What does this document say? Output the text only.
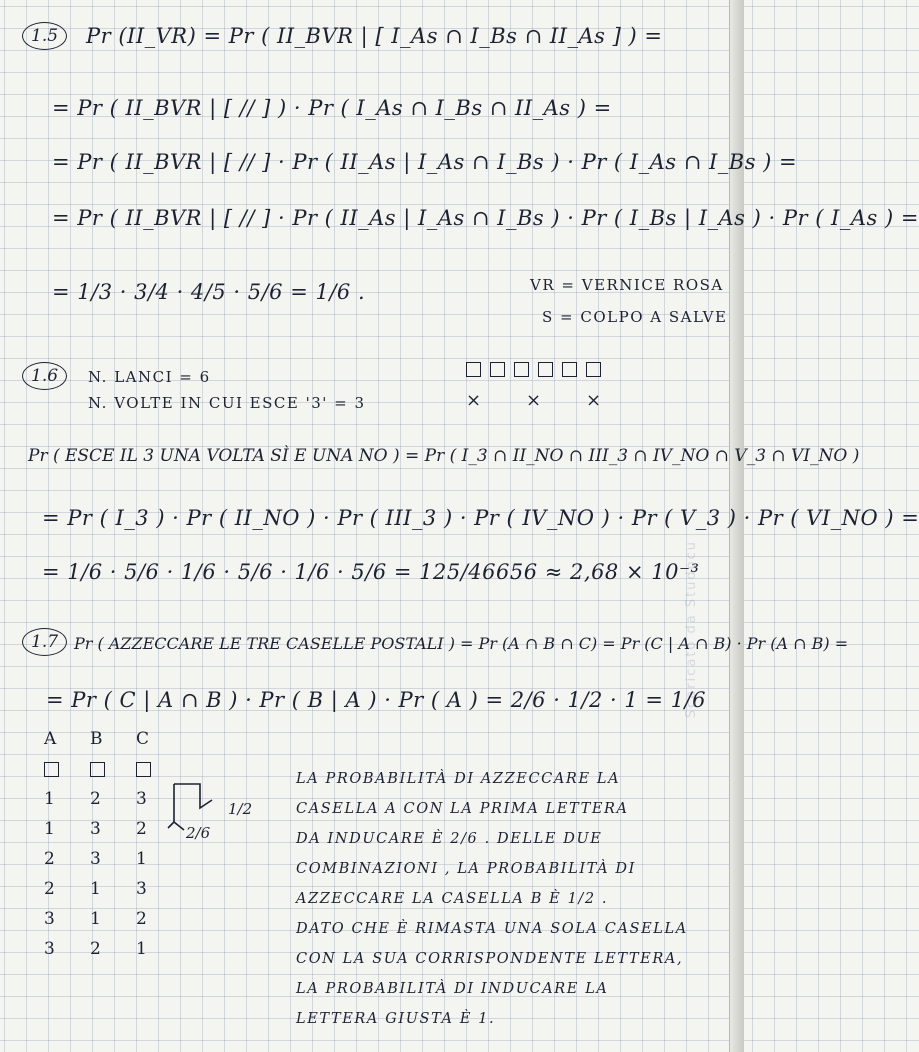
1.5	Pr (II_VR) = Pr ( II_BVR | [ I_As ∩ I_Bs ∩ II_As ] ) =
= Pr ( II_BVR | [ // ] ) · Pr ( I_As ∩ I_Bs ∩ II_As ) =
= Pr ( II_BVR | [ // ] · Pr ( II_As | I_As ∩ I_Bs ) · Pr ( I_As ∩ I_Bs ) =
= Pr ( II_BVR | [ // ] · Pr ( II_As | I_As ∩ I_Bs ) · Pr ( I_Bs | I_As ) · Pr ( I_As ) =
= 1/3 · 3/4 · 4/5 · 5/6 = 1/6 .	VR = VERNICE ROSA
S = COLPO A SALVE
1.6	N. LANCI = 6
N. VOLTE IN CUI ESCE '3' = 3	× × ×
Pr ( ESCE IL 3 UNA VOLTA SÌ E UNA NO ) = Pr ( I_3 ∩ II_NO ∩ III_3 ∩ IV_NO ∩ V_3 ∩ VI_NO )
= Pr ( I_3 ) · Pr ( II_NO ) · Pr ( III_3 ) · Pr ( IV_NO ) · Pr ( V_3 ) · Pr ( VI_NO ) =
= 1/6 · 5/6 · 1/6 · 5/6 · 1/6 · 5/6 = 125/46656 ≈ 2,68 × 10⁻³
1.7 Pr ( AZZECCARE LE TRE CASELLE POSTALI ) = Pr (A ∩ B ∩ C) = Pr (C | A ∩ B) · Pr (A ∩ B) =
= Pr ( C | A ∩ B ) · Pr ( B | A ) · Pr ( A ) = 2/6 · 1/2 · 1 = 1/6
A B C
1 2 3
1 3 2
2 3 1
2 1 3
3 1 2
3 2 1
2/6
1/2
LA PROBABILITÀ DI AZZECCARE LA
CASELLA A CON LA PRIMA LETTERA
DA INDUCARE È 2/6 . DELLE DUE
COMBINAZIONI , LA PROBABILITÀ DI
AZZECCARE LA CASELLA B È 1/2 .
DATO CHE È RIMASTA UNA SOLA CASELLA
CON LA SUA CORRISPONDENTE LETTERA,
LA PROBABILITÀ DI INDUCARE LA
LETTERA GIUSTA È 1.
Scaricato da Studocu
